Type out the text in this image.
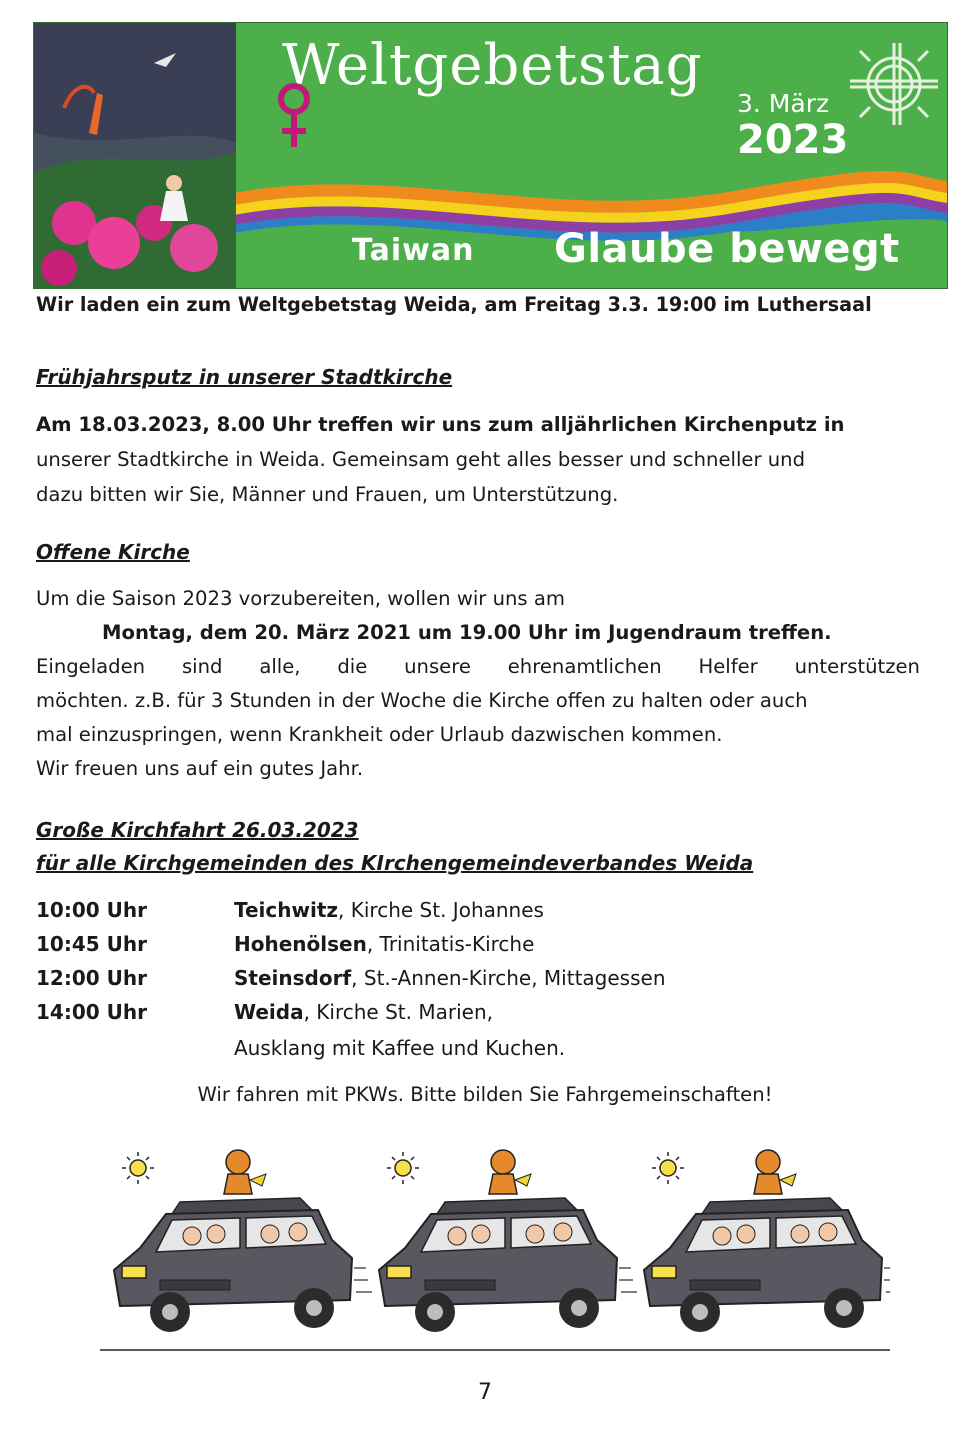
Weltgebetstag
3. März
2023
Taiwan Glaube bewegt
Wir laden ein zum Weltgebetstag Weida, am Freitag 3.3. 19:00 im Luthersaal
Frühjahrsputz in unserer Stadtkirche
Am 18.03.2023, 8.00 Uhr treffen wir uns zum alljährlichen Kirchenputz in
unserer Stadtkirche in Weida. Gemeinsam geht alles besser und schneller und
dazu bitten wir Sie, Männer und Frauen, um Unterstützung.
Offene Kirche
Um die Saison 2023 vorzubereiten, wollen wir uns am
Montag, dem 20. März 2021 um 19.00 Uhr im Jugendraum treffen.
Eingeladen sind alle, die unsere ehrenamtlichen Helfer unterstützen
möchten. z.B. für 3 Stunden in der Woche die Kirche offen zu halten oder auch
mal einzuspringen, wenn Krankheit oder Urlaub dazwischen kommen.
Wir freuen uns auf ein gutes Jahr.
Große Kirchfahrt 26.03.2023
für alle Kirchgemeinden des KIrchengemeindeverbandes Weida
10:00 Uhr	Teichwitz, Kirche St. Johannes
10:45 Uhr	Hohenölsen, Trinitatis-Kirche
12:00 Uhr	Steinsdorf, St.-Annen-Kirche, Mittagessen
14:00 Uhr	Weida, Kirche St. Marien,
Ausklang mit Kaffee und Kuchen.
Wir fahren mit PKWs. Bitte bilden Sie Fahrgemeinschaften!
7
